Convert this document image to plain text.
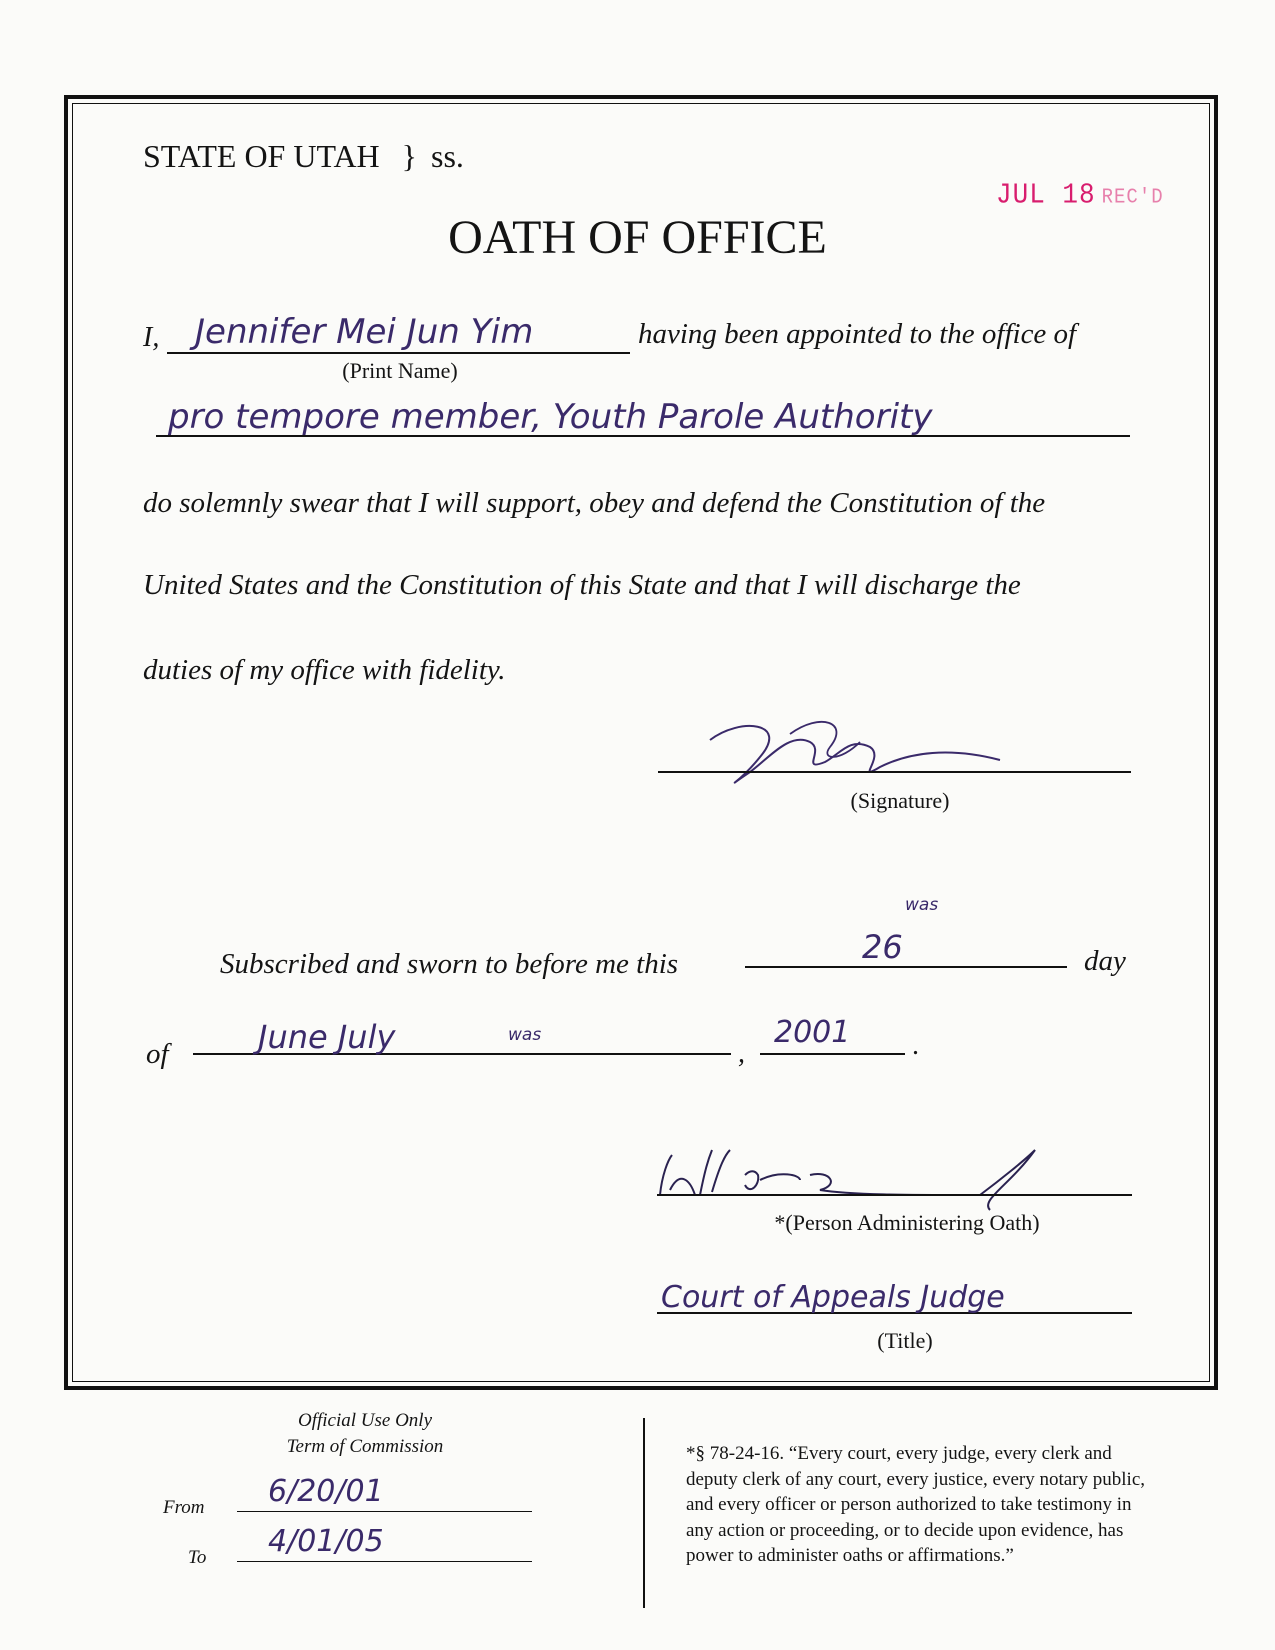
STATE OF UTAH } ss.
JUL 18 REC'D
OATH OF OFFICE
I, Jennifer Mei Jun Yim
(Print Name)
having been appointed to the office of
pro tempore member, Youth Parole Authority
do solemnly swear that I will support, obey and defend the Constitution of the
United States and the Constitution of this State and that I will discharge the
duties of my office with fidelity.
(Signature)
Subscribed and sworn to before me this	26
was
day
of	June July	was
,
2001 .
*(Person Administering Oath)
Court of Appeals Judge
(Title)
Official Use Only
Term of Commission
From 6/20/01
To 4/01/05
*§ 78-24-16. “Every court, every judge, every clerk and
deputy clerk of any court, every justice, every notary public,
and every officer or person authorized to take testimony in
any action or proceeding, or to decide upon evidence, has
power to administer oaths or affirmations.”
